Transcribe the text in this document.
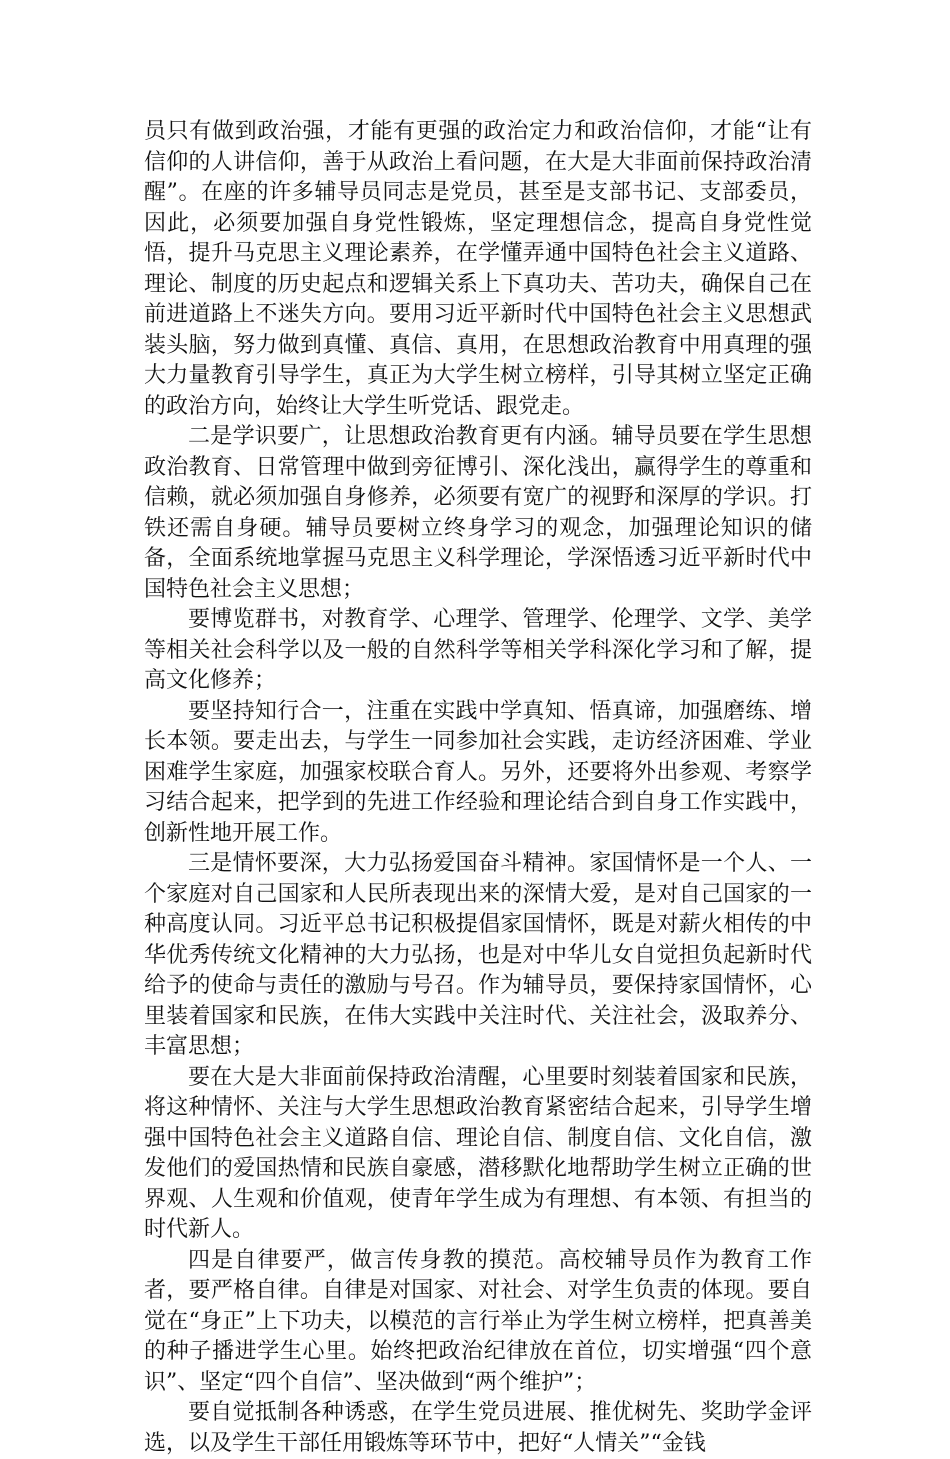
员只有做到政治强，才能有更强的政治定力和政治信仰，才能“让有信仰的人讲信仰，善于从政治上看问题，在大是大非面前保持政治清醒”。在座的许多辅导员同志是党员，甚至是支部书记、支部委员，因此，必须要加强自身党性锻炼，坚定理想信念，提高自身党性觉悟，提升马克思主义理论素养，在学懂弄通中国特色社会主义道路、理论、制度的历史起点和逻辑关系上下真功夫、苦功夫，确保自己在前进道路上不迷失方向。要用习近平新时代中国特色社会主义思想武装头脑，努力做到真懂、真信、真用，在思想政治教育中用真理的强大力量教育引导学生，真正为大学生树立榜样，引导其树立坚定正确的政治方向，始终让大学生听党话、跟党走。

二是学识要广，让思想政治教育更有内涵。辅导员要在学生思想政治教育、日常管理中做到旁征博引、深化浅出，赢得学生的尊重和信赖，就必须加强自身修养，必须要有宽广的视野和深厚的学识。打铁还需自身硬。辅导员要树立终身学习的观念，加强理论知识的储备，全面系统地掌握马克思主义科学理论，学深悟透习近平新时代中国特色社会主义思想；

要博览群书，对教育学、心理学、管理学、伦理学、文学、美学等相关社会科学以及一般的自然科学等相关学科深化学习和了解，提高文化修养；

要坚持知行合一，注重在实践中学真知、悟真谛，加强磨练、增长本领。要走出去，与学生一同参加社会实践，走访经济困难、学业困难学生家庭，加强家校联合育人。另外，还要将外出参观、考察学习结合起来，把学到的先进工作经验和理论结合到自身工作实践中，创新性地开展工作。

三是情怀要深，大力弘扬爱国奋斗精神。家国情怀是一个人、一个家庭对自己国家和人民所表现出来的深情大爱，是对自己国家的一种高度认同。习近平总书记积极提倡家国情怀，既是对薪火相传的中华优秀传统文化精神的大力弘扬，也是对中华儿女自觉担负起新时代给予的使命与责任的激励与号召。作为辅导员，要保持家国情怀，心里装着国家和民族，在伟大实践中关注时代、关注社会，汲取养分、丰富思想；

要在大是大非面前保持政治清醒，心里要时刻装着国家和民族，将这种情怀、关注与大学生思想政治教育紧密结合起来，引导学生增强中国特色社会主义道路自信、理论自信、制度自信、文化自信，激发他们的爱国热情和民族自豪感，潜移默化地帮助学生树立正确的世界观、人生观和价值观，使青年学生成为有理想、有本领、有担当的时代新人。

四是自律要严，做言传身教的摸范。高校辅导员作为教育工作者，要严格自律。自律是对国家、对社会、对学生负责的体现。要自觉在“身正”上下功夫，以模范的言行举止为学生树立榜样，把真善美的种子播进学生心里。始终把政治纪律放在首位，切实增强“四个意识”、坚定“四个自信”、坚决做到“两个维护”；

要自觉抵制各种诱惑，在学生党员进展、推优树先、奖助学金评选，以及学生干部任用锻炼等环节中，把好“人情关”“金钱
